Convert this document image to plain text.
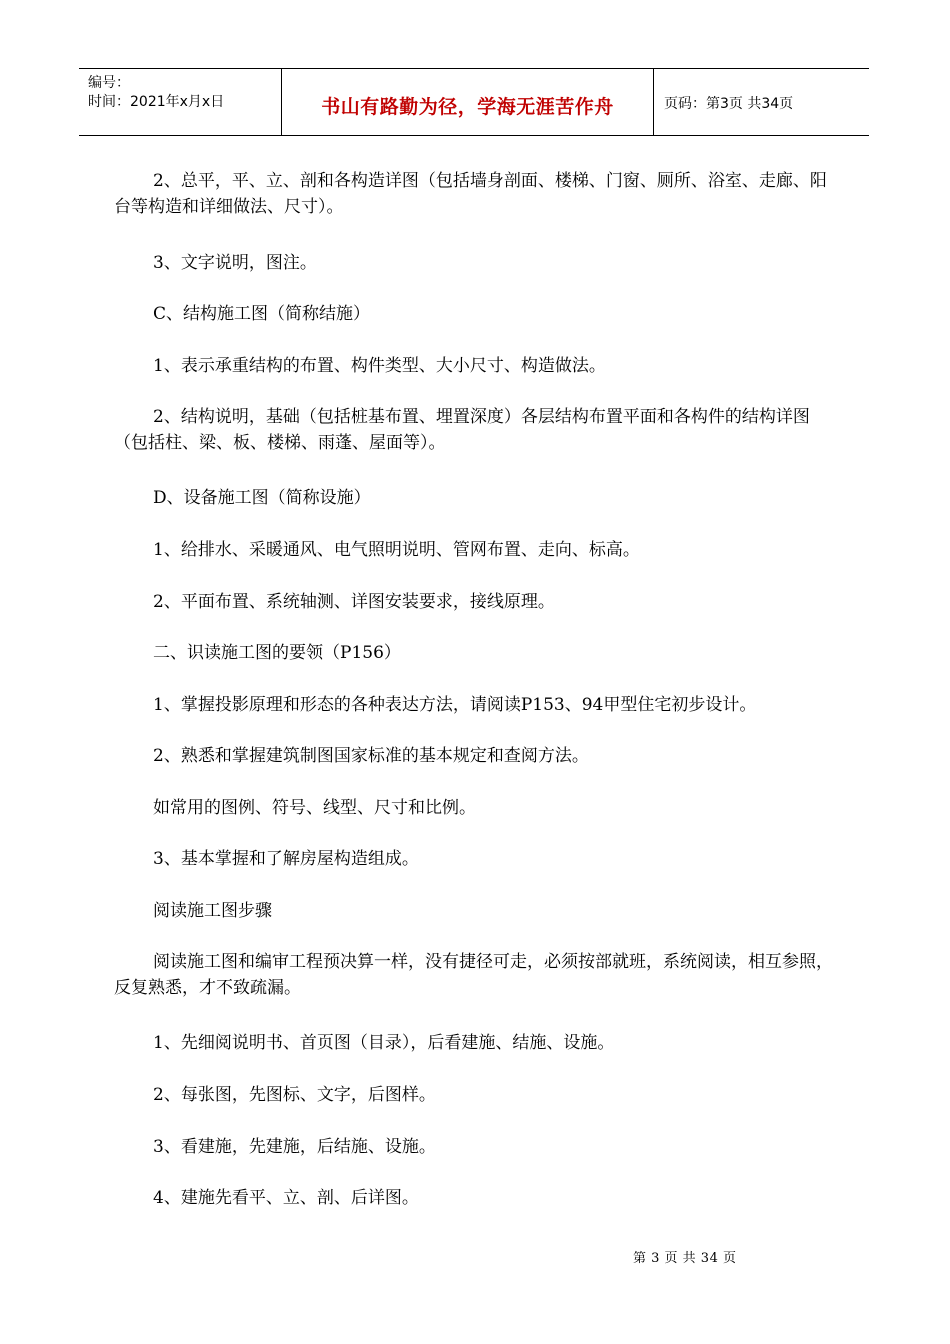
编号：
时间：2021年x月x日	书山有路勤为径，学海无涯苦作舟	页码：第3页 共34页
2、总平，平、立、剖和各构造详图（包括墙身剖面、楼梯、门窗、厕所、浴室、走廊、阳台等构造和详细做法、尺寸）。
3、文字说明，图注。
C、结构施工图（简称结施）
1、表示承重结构的布置、构件类型、大小尺寸、构造做法。
2、结构说明，基础（包括桩基布置、埋置深度）各层结构布置平面和各构件的结构详图（包括柱、梁、板、楼梯、雨蓬、屋面等）。
D、设备施工图（简称设施）
1、给排水、采暖通风、电气照明说明、管网布置、走向、标高。
2、平面布置、系统轴测、详图安装要求，接线原理。
二、识读施工图的要领（P156）
1、掌握投影原理和形态的各种表达方法，请阅读P153、94甲型住宅初步设计。
2、熟悉和掌握建筑制图国家标准的基本规定和查阅方法。
如常用的图例、符号、线型、尺寸和比例。
3、基本掌握和了解房屋构造组成。
阅读施工图步骤
阅读施工图和编审工程预决算一样，没有捷径可走，必须按部就班，系统阅读，相互参照，反复熟悉，才不致疏漏。
1、先细阅说明书、首页图（目录），后看建施、结施、设施。
2、每张图，先图标、文字，后图样。
3、看建施，先建施，后结施、设施。
4、建施先看平、立、剖、后详图。
第 3 页 共 34 页
